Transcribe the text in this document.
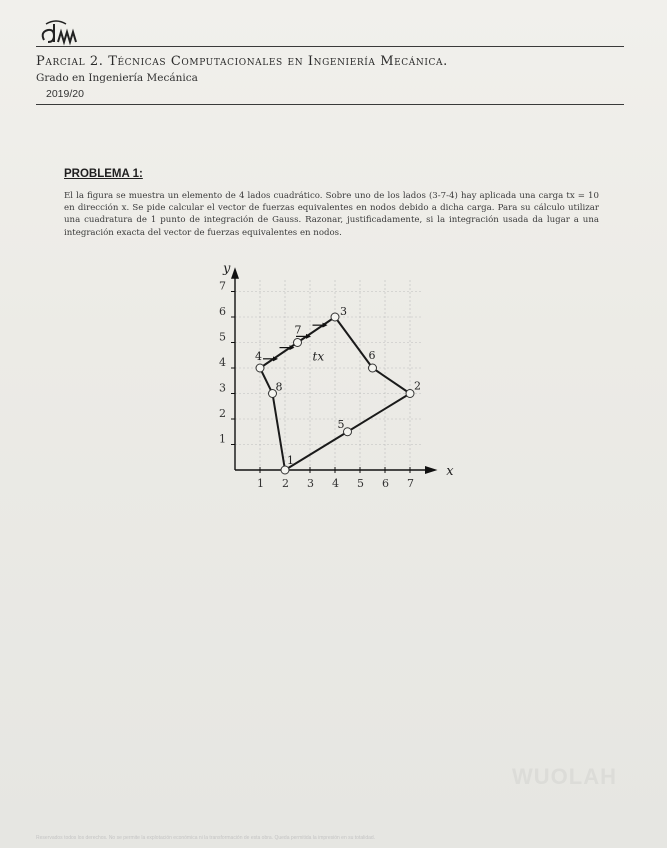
Parcial 2. Técnicas Computacionales en Ingeniería Mecánica.
Grado en Ingeniería Mecánica
2019/20
PROBLEMA 1:
El la figura se muestra un elemento de 4 lados cuadrático. Sobre uno de los lados (3-7-4) hay aplicada una carga tx = 10 en dirección x. Se pide calcular el vector de fuerzas equivalentes en nodos debido a dicha carga. Para su cálculo utilizar una cuadratura de 1 punto de integración de Gauss. Razonar, justificadamente, si la integración usada da lugar a una integración exacta del vector de fuerzas equivalentes en nodos.
x
y
1 2 3 4 5 6 7
1
2
3
4
5
6
7
tx
1
2
3
4
5
6
7
8
WUOLAH
Reservados todos los derechos. No se permite la explotación económica ni la transformación de esta obra. Queda permitida la impresión en su totalidad.
